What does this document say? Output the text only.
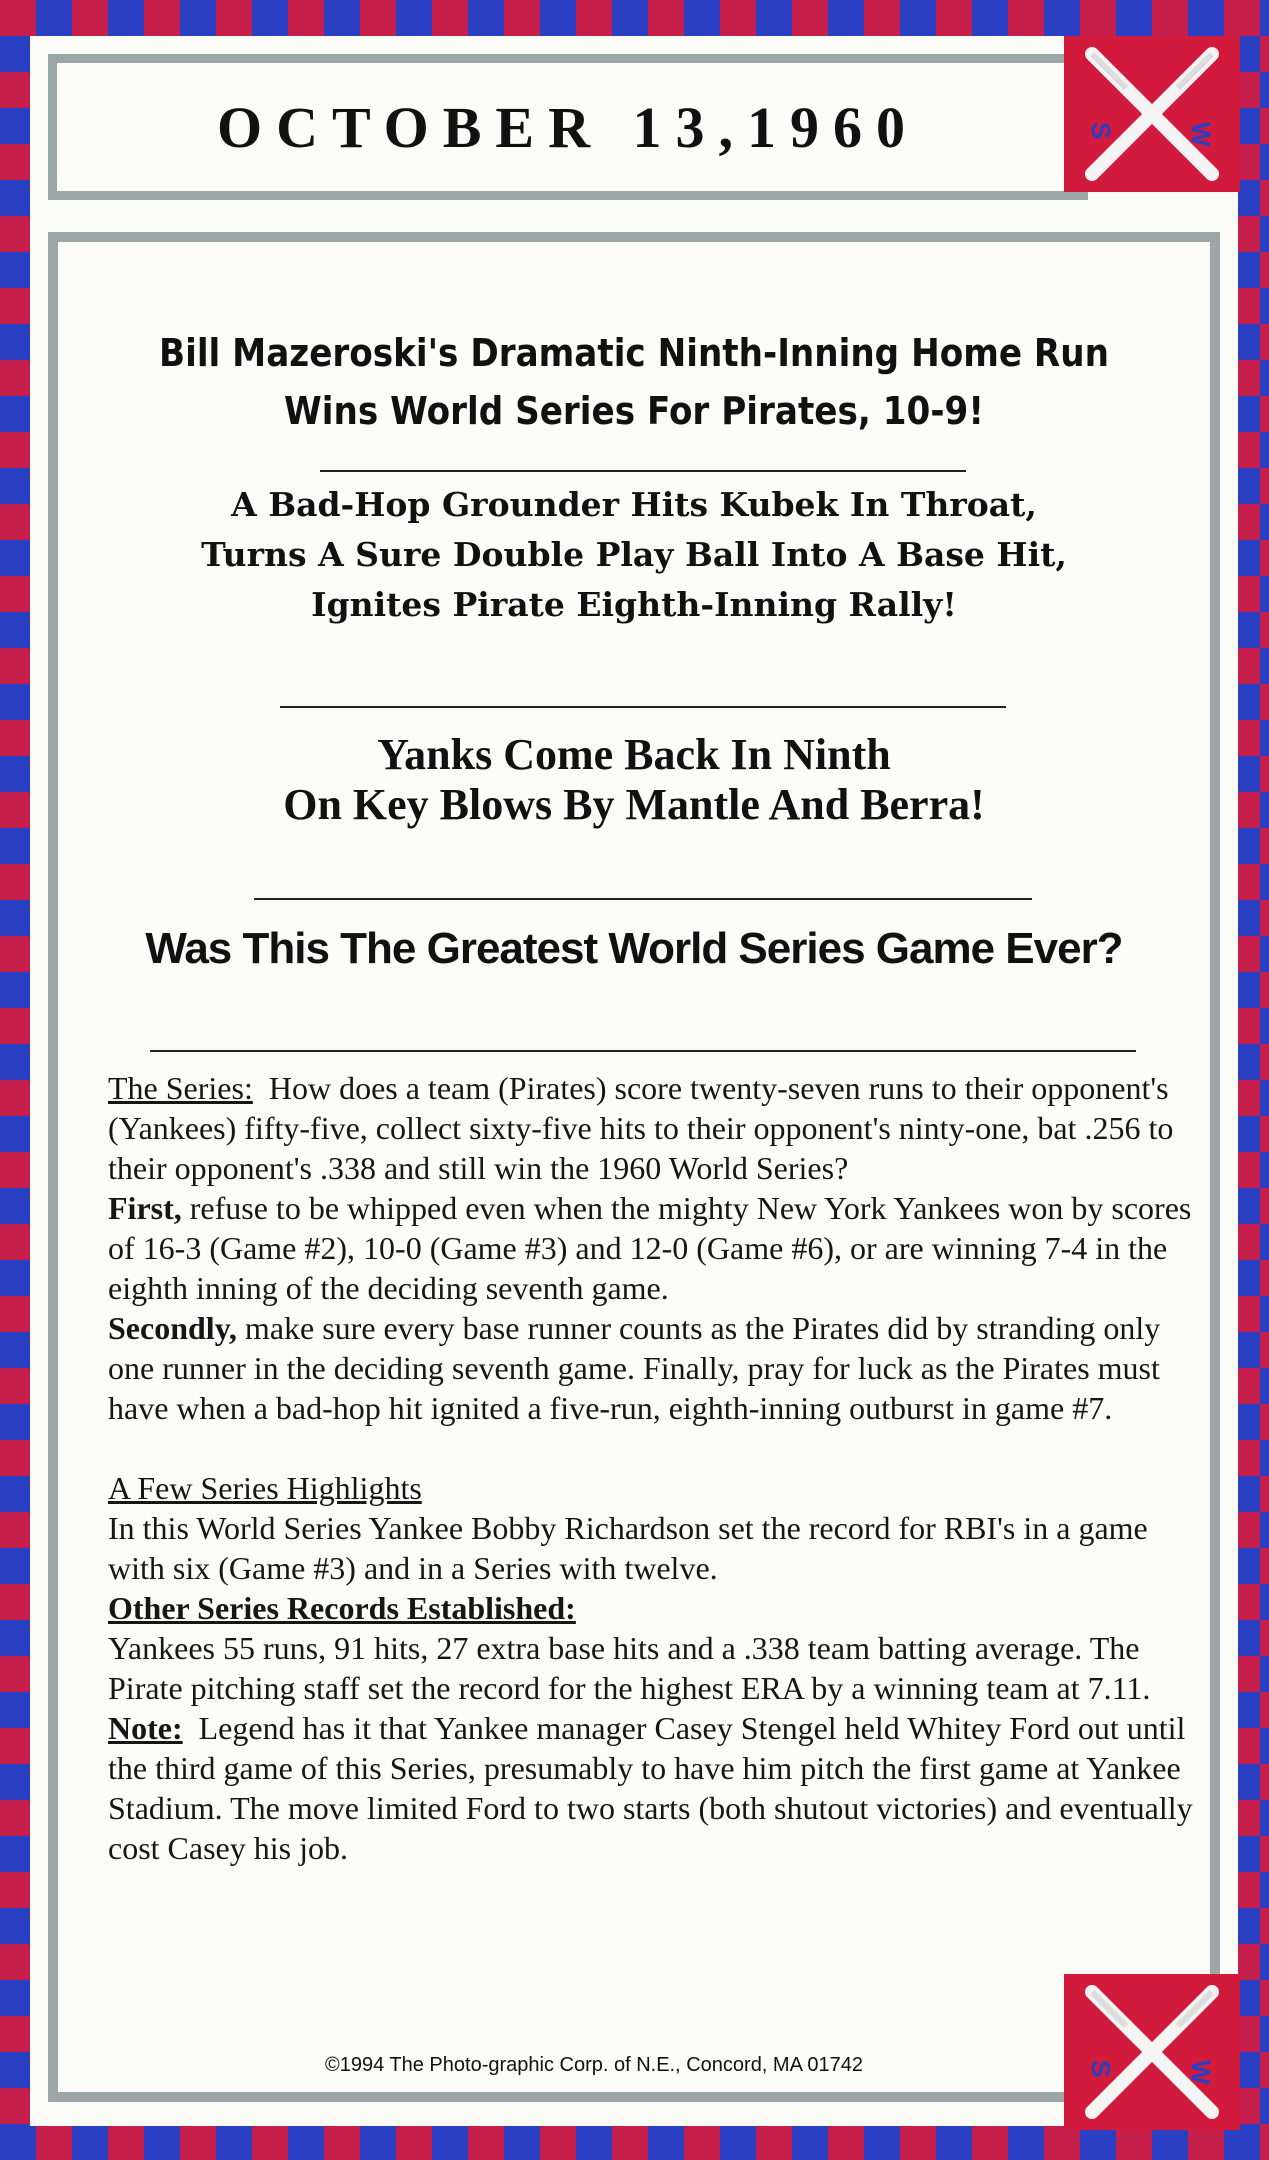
OCTOBER 13,1960	S	W
Bill Mazeroski's Dramatic Ninth-Inning Home Run
Wins World Series For Pirates, 10-9!
A Bad-Hop Grounder Hits Kubek In Throat,
Turns A Sure Double Play Ball Into A Base Hit,
Ignites Pirate Eighth-Inning Rally!
Yanks Come Back In Ninth
On Key Blows By Mantle And Berra!
Was This The Greatest World Series Game Ever?

The Series: How does a team (Pirates) score twenty-seven runs to their opponent's (Yankees) fifty-five, collect sixty-five hits to their opponent's ninty-one, bat .256 to their opponent's .338 and still win the 1960 World Series?

First, refuse to be whipped even when the mighty New York Yankees won by scores of 16-3 (Game #2), 10-0 (Game #3) and 12-0 (Game #6), or are winning 7-4 in the eighth inning of the deciding seventh game.

Secondly, make sure every base runner counts as the Pirates did by stranding only one runner in the deciding seventh game. Finally, pray for luck as the Pirates must have when a bad-hop hit ignited a five-run, eighth-inning outburst in game #7.

A Few Series Highlights

In this World Series Yankee Bobby Richardson set the record for RBI's in a game with six (Game #3) and in a Series with twelve.

Other Series Records Established:

Yankees 55 runs, 91 hits, 27 extra base hits and a .338 team batting average. The Pirate pitching staff set the record for the highest ERA by a winning team at 7.11.

Note: Legend has it that Yankee manager Casey Stengel held Whitey Ford out until the third game of this Series, presumably to have him pitch the first game at Yankee Stadium. The move limited Ford to two starts (both shutout victories) and eventually cost Casey his job.

©1994 The Photo-graphic Corp. of N.E., Concord, MA 01742	S	W
